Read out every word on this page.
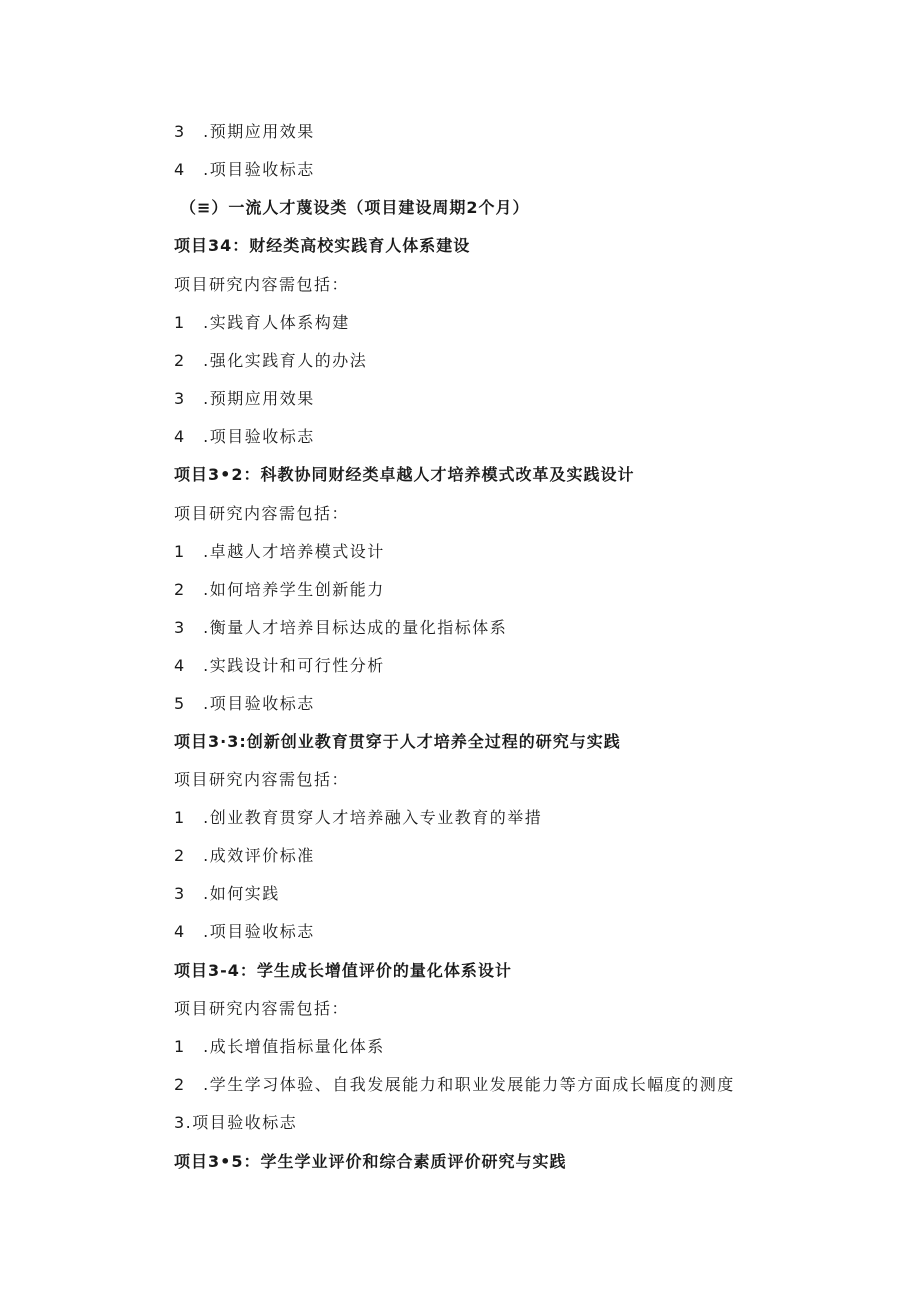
3　.预期应用效果
4　.项目验收标志
（≡）一流人才蔑设类（项目建设周期2个月）
项目34：财经类高校实践育人体系建设
项目研究内容需包括：
1　.实践育人体系构建
2　.强化实践育人的办法
3　.预期应用效果
4　.项目验收标志
项目3•2：科教协同财经类卓越人才培养模式改革及实践设计
项目研究内容需包括：
1　.卓越人才培养模式设计
2　.如何培养学生创新能力
3　.衡量人才培养目标达成的量化指标体系
4　.实践设计和可行性分析
5　.项目验收标志
项目3·3:创新创业教育贯穿于人才培养全过程的研究与实践
项目研究内容需包括：
1　.创业教育贯穿人才培养融入专业教育的举措
2　.成效评价标准
3　.如何实践
4　.项目验收标志
项目3-4：学生成长增值评价的量化体系设计
项目研究内容需包括：
1　.成长增值指标量化体系
2　.学生学习体验、自我发展能力和职业发展能力等方面成长幅度的测度
3.项目验收标志
项目3•5：学生学业评价和综合素质评价研究与实践
